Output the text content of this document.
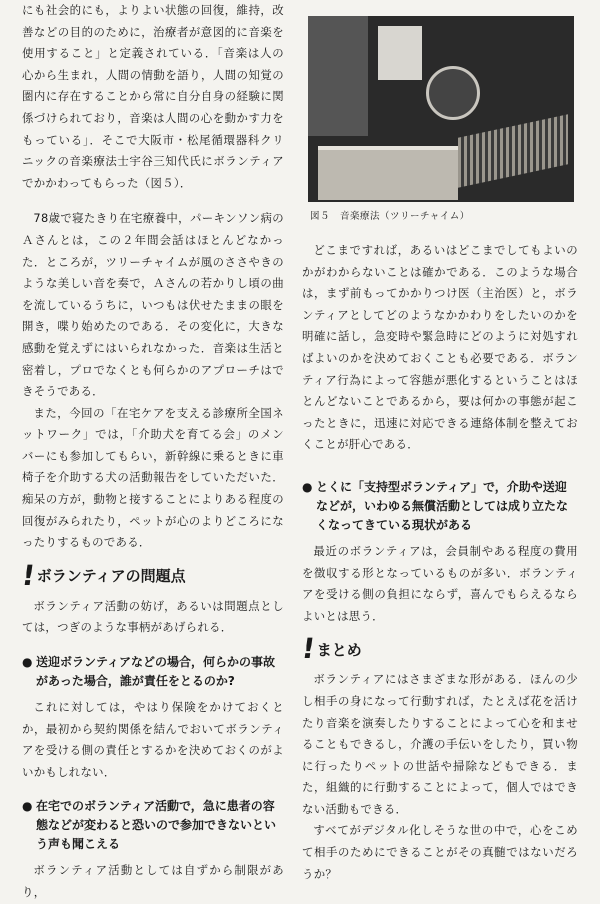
にも社会的にも，よりよい状態の回復，維持，改善などの目的のために，治療者が意図的に音楽を使用すること」と定義されている．「音楽は人の心から生まれ，人間の情動を語り，人間の知覚の圏内に存在することから常に自分自身の経験に関係づけられており，音楽は人間の心を動かす力をもっている」．そこで大阪市・松尾循環器科クリニックの音楽療法士宇谷三知代氏にボランティアでかかわってもらった（図５）．

78歳で寝たきり在宅療養中，パーキンソン病のＡさんとは，この２年間会話はほとんどなかった．ところが，ツリーチャイムが風のささやきのような美しい音を奏で，Ａさんの若かりし頃の曲を流しているうちに，いつもは伏せたままの眼を開き，喋り始めたのである．その変化に，大きな感動を覚えずにはいられなかった．音楽は生活と密着し，プロでなくとも何らかのアプローチはできそうである．

また，今回の「在宅ケアを支える診療所全国ネットワーク」では，「介助犬を育てる会」のメンバーにも参加してもらい，新幹線に乗るときに車椅子を介助する犬の活動報告をしていただいた．痴呆の方が，動物と接することによりある程度の回復がみられたり，ペットが心のよりどころになったりするものである．

! ボランティアの問題点

ボランティア活動の妨げ，あるいは問題点としては，つぎのような事柄があげられる．

● 送迎ボランティアなどの場合，何らかの事故があった場合，誰が責任をとるのか?

これに対しては，やはり保険をかけておくとか，最初から契約関係を結んでおいてボランティアを受ける側の責任とするかを決めておくのがよいかもしれない．

● 在宅でのボランティア活動で，急に患者の容態などが変わると恐いので参加できないという声も聞こえる

ボランティア活動としては自ずから制限があり，

図５　音楽療法（ツリーチャイム）

どこまですれば，あるいはどこまでしてもよいのかがわからないことは確かである．このような場合は，まず前もってかかりつけ医（主治医）と，ボランティアとしてどのようなかかわりをしたいのかを明確に話し，急変時や緊急時にどのように対処すればよいのかを決めておくことも必要である．ボランティア行為によって容態が悪化するということはほとんどないことであるから，要は何かの事態が起こったときに，迅速に対応できる連絡体制を整えておくことが肝心である．

● とくに「支持型ボランティア」で，介助や送迎などが，いわゆる無償活動としては成り立たなくなってきている現状がある

最近のボランティアは，会員制やある程度の費用を徴収する形となっているものが多い．ボランティアを受ける側の負担にならず，喜んでもらえるならよいとは思う．

! まとめ

ボランティアにはさまざまな形がある．ほんの少し相手の身になって行動すれば，たとえば花を活けたり音楽を演奏したりすることによって心を和ませることもできるし，介護の手伝いをしたり，買い物に行ったりペットの世話や掃除などもできる．また，組織的に行動することによって，個人ではできない活動もできる．

すべてがデジタル化しそうな世の中で，心をこめて相手のためにできることがその真髄ではないだろうか？
